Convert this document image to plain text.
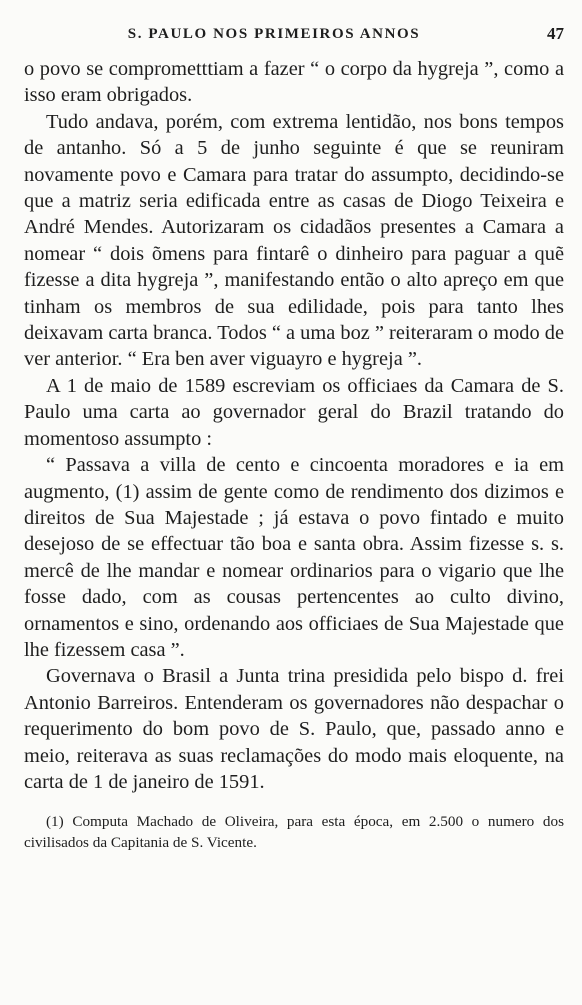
S. PAULO NOS PRIMEIROS ANNOS	47

o povo se comprometttiam a fazer “ o corpo da hygreja ”, como a isso eram obrigados.

Tudo andava, porém, com extrema lentidão, nos bons tempos de antanho. Só a 5 de junho seguinte é que se reuniram novamente povo e Camara para tratar do assumpto, decidindo-se que a matriz seria edificada entre as casas de Diogo Teixeira e André Mendes. Autorizaram os cidadãos presentes a Camara a nomear “ dois õmens para fintarê o dinheiro para paguar a quẽ fizesse a dita hygreja ”, manifestando então o alto apreço em que tinham os membros de sua edilidade, pois para tanto lhes deixavam carta branca. Todos “ a uma boz ” reiteraram o modo de ver anterior. “ Era ben aver viguayro e hygreja ”.

A 1 de maio de 1589 escreviam os officiaes da Camara de S. Paulo uma carta ao governador geral do Brazil tratando do momentoso assumpto :

“ Passava a villa de cento e cincoenta moradores e ia em augmento, (1) assim de gente como de rendimento dos dizimos e direitos de Sua Majestade ; já estava o povo fintado e muito desejoso de se effectuar tão boa e santa obra. Assim fizesse s. s. mercê de lhe mandar e nomear ordinarios para o vigario que lhe fosse dado, com as cousas pertencentes ao culto divino, ornamentos e sino, ordenando aos officiaes de Sua Majestade que lhe fizessem casa ”.

Governava o Brasil a Junta trina presidida pelo bispo d. frei Antonio Barreiros. Entenderam os governadores não despachar o requerimento do bom povo de S. Paulo, que, passado anno e meio, reiterava as suas reclamações do modo mais eloquente, na carta de 1 de janeiro de 1591.

(1) Computa Machado de Oliveira, para esta época, em 2.500 o numero dos civilisados da Capitania de S. Vicente.
